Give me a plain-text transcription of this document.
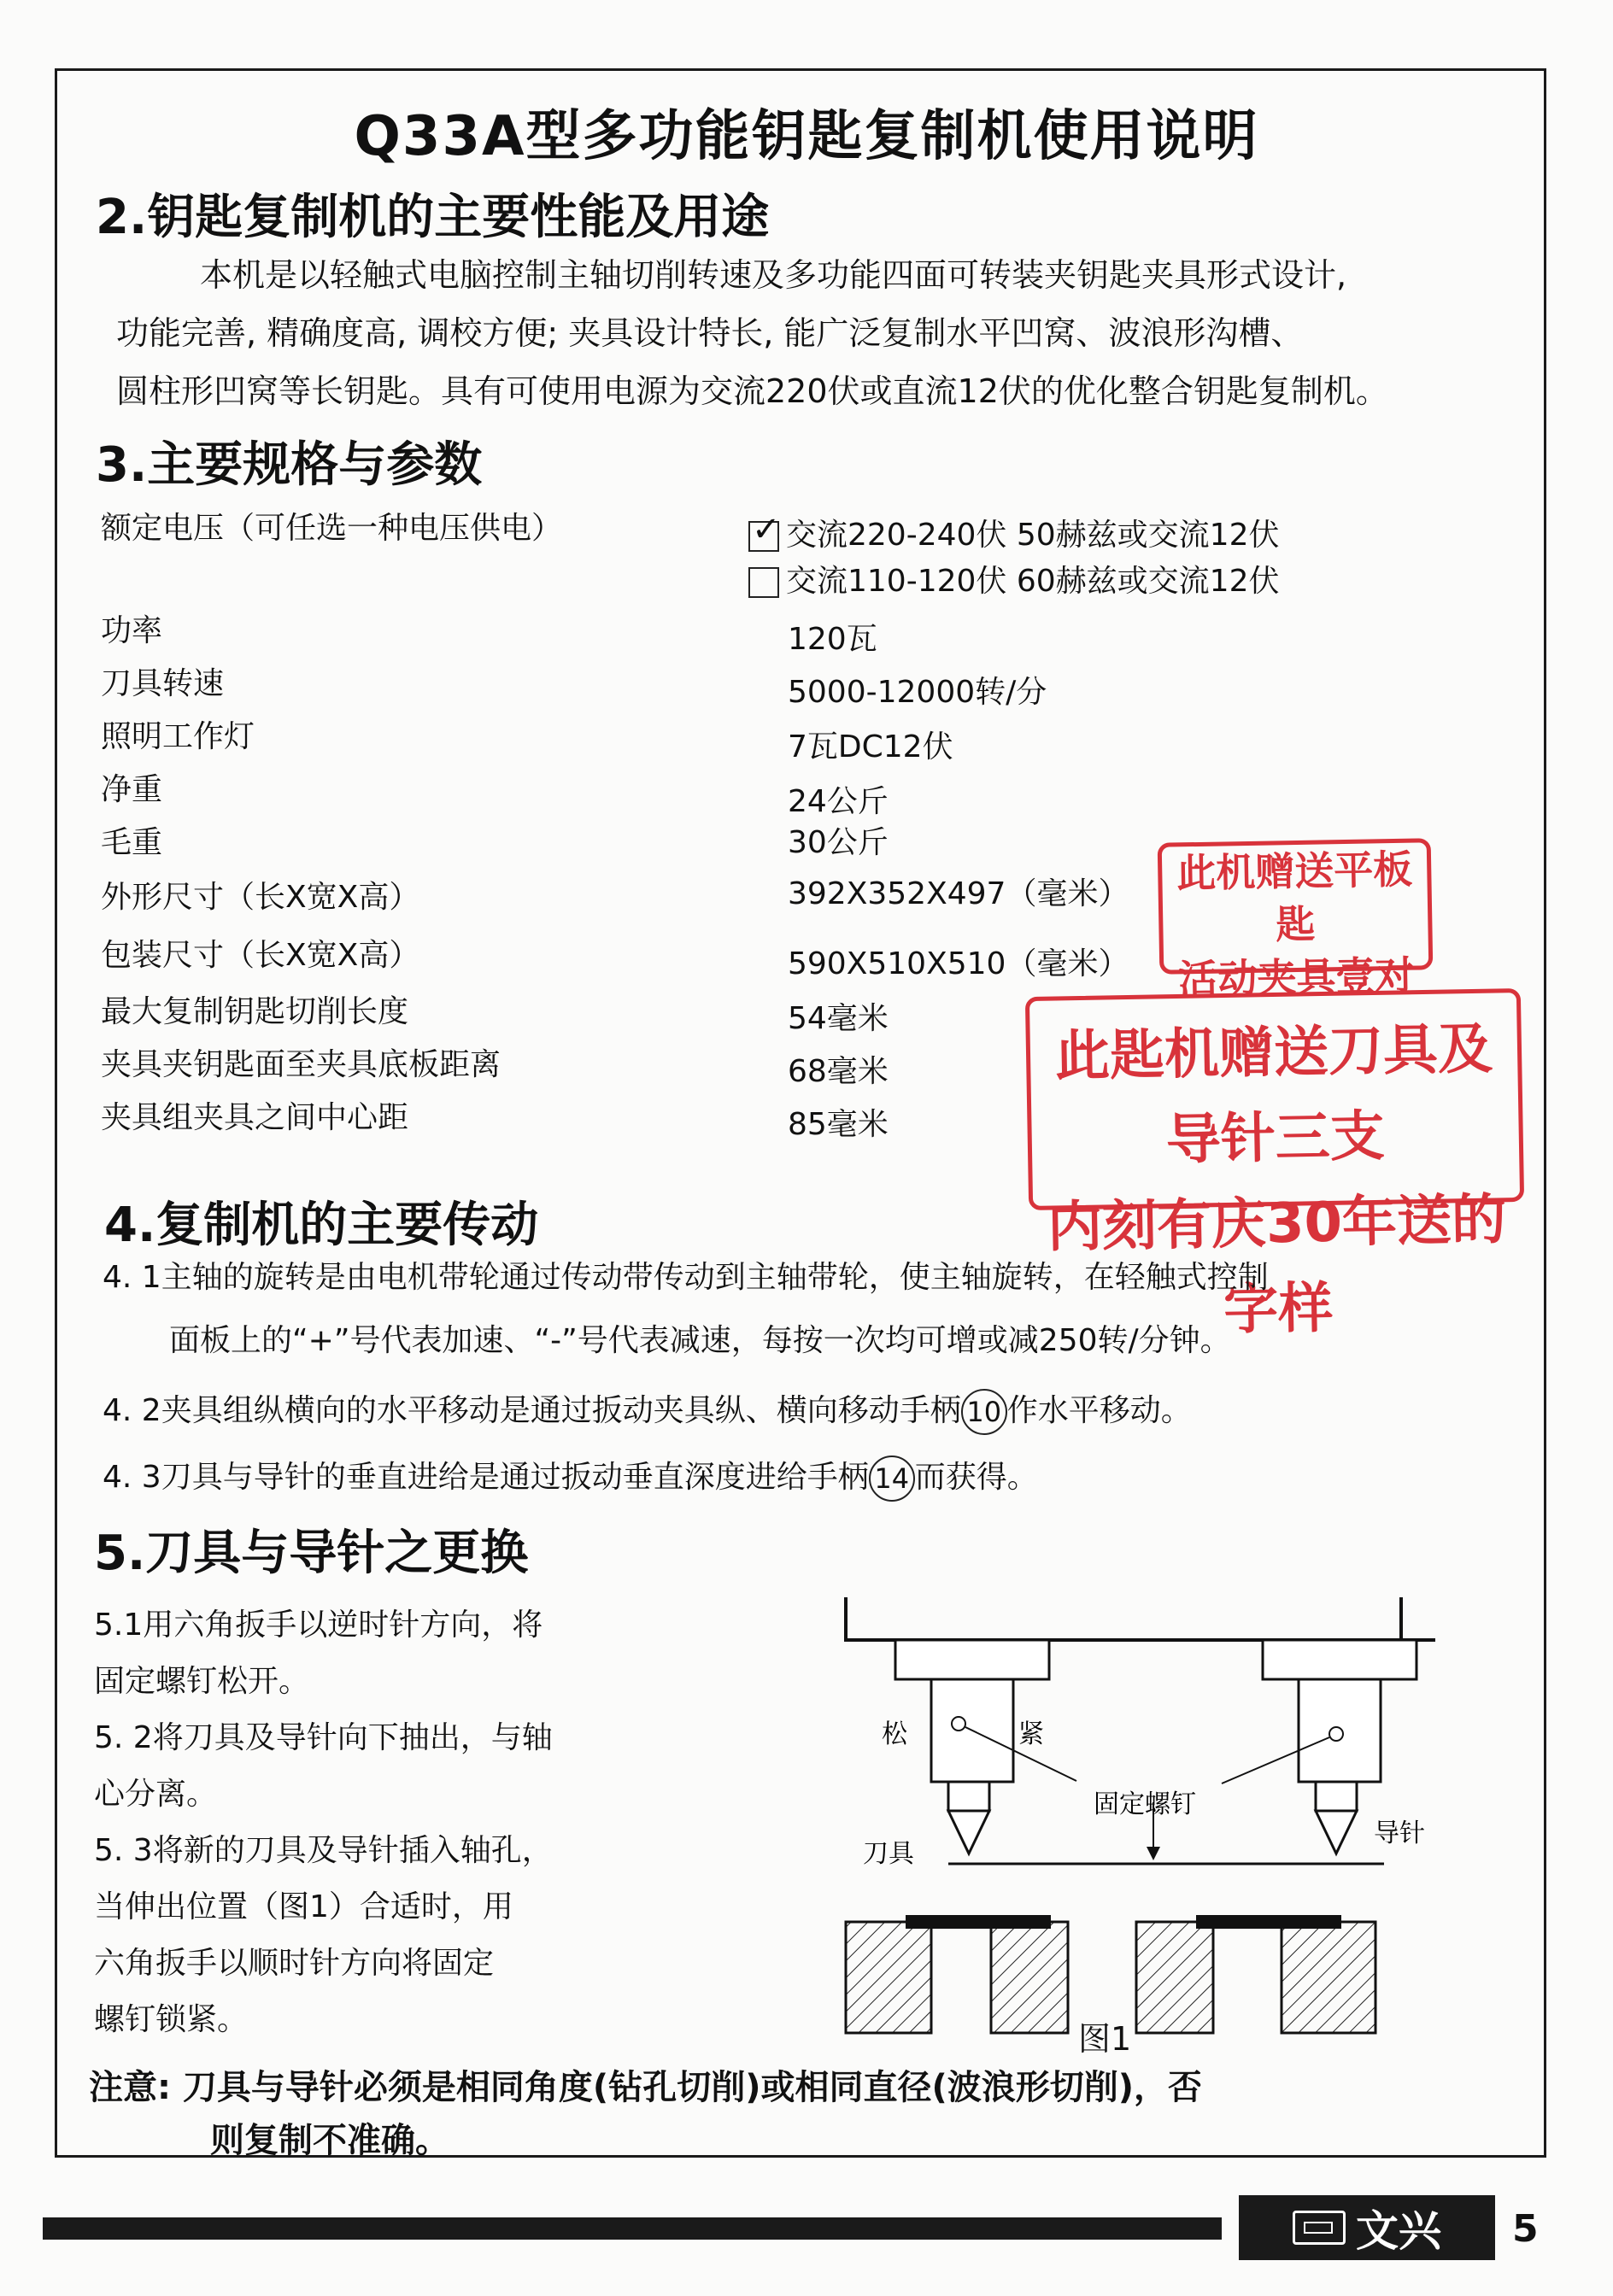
Q33A型多功能钥匙复制机使用说明
2.钥匙复制机的主要性能及用途
本机是以轻触式电脑控制主轴切削转速及多功能四面可转装夹钥匙夹具形式设计,
功能完善, 精确度高, 调校方便; 夹具设计特长, 能广泛复制水平凹窝、波浪形沟槽、
圆柱形凹窝等长钥匙。具有可使用电源为交流220伏或直流12伏的优化整合钥匙复制机。
3.主要规格与参数
额定电压（可任选一种电压供电）
✓	交流220-240伏 50赫兹或交流12伏
交流110-120伏 60赫兹或交流12伏
功率	120瓦
刀具转速	5000-12000转/分
照明工作灯	7瓦DC12伏
净重	24公斤
毛重	30公斤
外形尺寸（长X宽X高）	392X352X497（毫米）
包装尺寸（长X宽X高）	590X510X510（毫米）
最大复制钥匙切削长度	54毫米
夹具夹钥匙面至夹具底板距离	68毫米
夹具组夹具之间中心距	85毫米
此机赠送平板匙
活动夹具壹对
此匙机赠送刀具及导针三支
内刻有庆30年送的字样
4.复制机的主要传动
4. 1主轴的旋转是由电机带轮通过传动带传动到主轴带轮，使主轴旋转，在轻触式控制
面板上的“+”号代表加速、“-”号代表减速，每按一次均可增或减250转/分钟。
4. 2夹具组纵横向的水平移动是通过扳动夹具纵、横向移动手柄 10 作水平移动。
4. 3刀具与导针的垂直进给是通过扳动垂直深度进给手柄 14 而获得。
5.刀具与导针之更换
5.1用六角扳手以逆时针方向，将
固定螺钉松开。
5. 2将刀具及导针向下抽出，与轴
心分离。
5. 3将新的刀具及导针插入轴孔，
当伸出位置（图1）合适时，用
六角扳手以顺时针方向将固定
螺钉锁紧。
松	紧
固定螺钉
刀具
导针
图1
注意: 刀具与导针必须是相同角度(钻孔切削)或相同直径(波浪形切削)，否
则复制不准确。
文兴 5
